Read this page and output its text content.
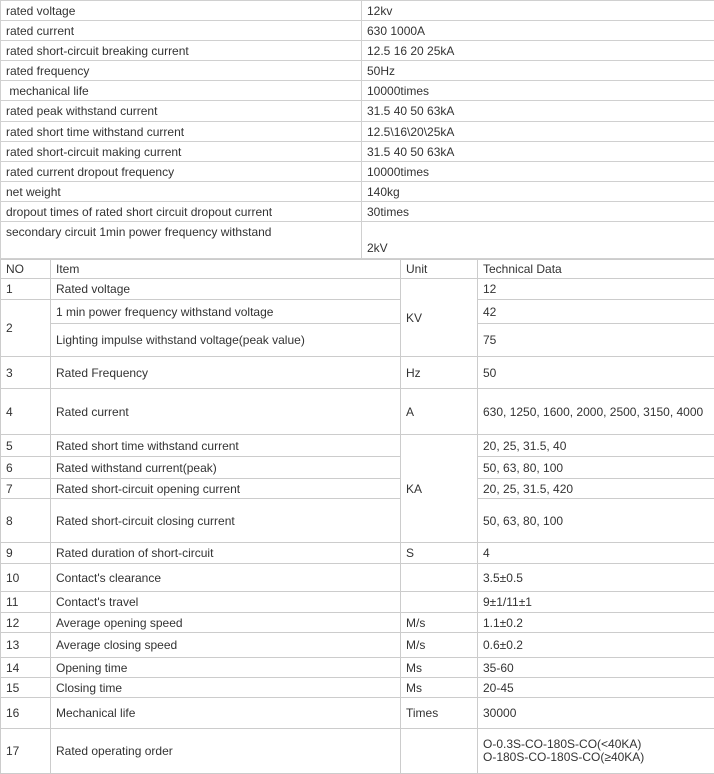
rated voltage	12kv
rated current	630 1000A
rated short-circuit breaking current	12.5 16 20 25kA
rated frequency	50Hz
mechanical life	10000times
rated peak withstand current	31.5 40 50 63kA
rated short time withstand current	12.5\16\20\25kA
rated short-circuit making current	31.5 40 50 63kA
rated current dropout frequency	10000times
net weight	140kg
dropout times of rated short circuit dropout current	30times
secondary circuit 1min power frequency withstand	2kV
NO	Item	Unit	Technical Data
1	Rated voltage	KV	12
2	1 min power frequency withstand voltage		42
	Lighting impulse withstand voltage(peak value)		75
3	Rated Frequency	Hz	50
4	Rated current	A	630, 1250, 1600, 2000, 2500, 3150, 4000
5	Rated short time withstand current	KA	20, 25, 31.5, 40
6	Rated withstand current(peak)		50, 63, 80, 100
7	Rated short-circuit opening current		20, 25, 31.5, 420
8	Rated short-circuit closing current		50, 63, 80, 100
9	Rated duration of short-circuit	S	4
10	Contact's clearance		3.5±0.5
11	Contact's travel		9±1/11±1
12	Average opening speed	M/s	1.1±0.2
13	Average closing speed	M/s	0.6±0.2
14	Opening time	Ms	35-60
15	Closing time	Ms	20-45
16	Mechanical life	Times	30000
17	Rated operating order		O-0.3S-CO-180S-CO(<40KA)
O-180S-CO-180S-CO(≥40KA)
